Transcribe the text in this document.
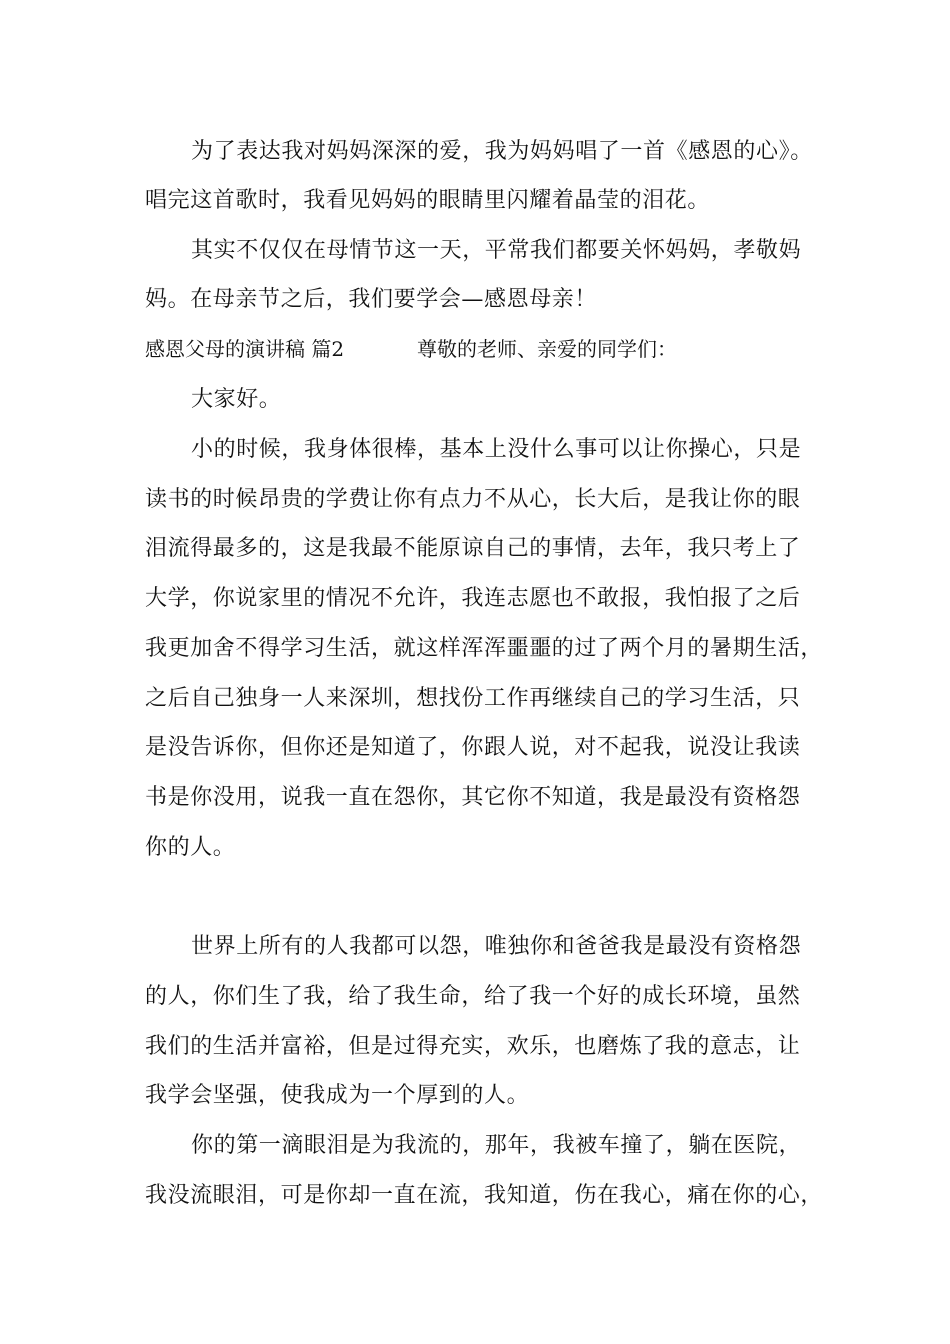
为了表达我对妈妈深深的爱，我为妈妈唱了一首《感恩的心》。
唱完这首歌时，我看见妈妈的眼睛里闪耀着晶莹的泪花。
其实不仅仅在母情节这一天，平常我们都要关怀妈妈，孝敬妈
妈。在母亲节之后，我们要学会—感恩母亲！
感恩父母的演讲稿 篇2	尊敬的老师、亲爱的同学们：
大家好。
小的时候，我身体很棒，基本上没什么事可以让你操心，只是
读书的时候昂贵的学费让你有点力不从心，长大后，是我让你的眼
泪流得最多的，这是我最不能原谅自己的事情，去年，我只考上了
大学，你说家里的情况不允许，我连志愿也不敢报，我怕报了之后
我更加舍不得学习生活，就这样浑浑噩噩的过了两个月的暑期生活，
之后自己独身一人来深圳，想找份工作再继续自己的学习生活，只
是没告诉你，但你还是知道了，你跟人说，对不起我，说没让我读
书是你没用，说我一直在怨你，其它你不知道，我是最没有资格怨
你的人。
世界上所有的人我都可以怨，唯独你和爸爸我是最没有资格怨
的人，你们生了我，给了我生命，给了我一个好的成长环境，虽然
我们的生活并富裕，但是过得充实，欢乐，也磨炼了我的意志，让
我学会坚强，使我成为一个厚到的人。
你的第一滴眼泪是为我流的，那年，我被车撞了，躺在医院，
我没流眼泪，可是你却一直在流，我知道，伤在我心，痛在你的心，
